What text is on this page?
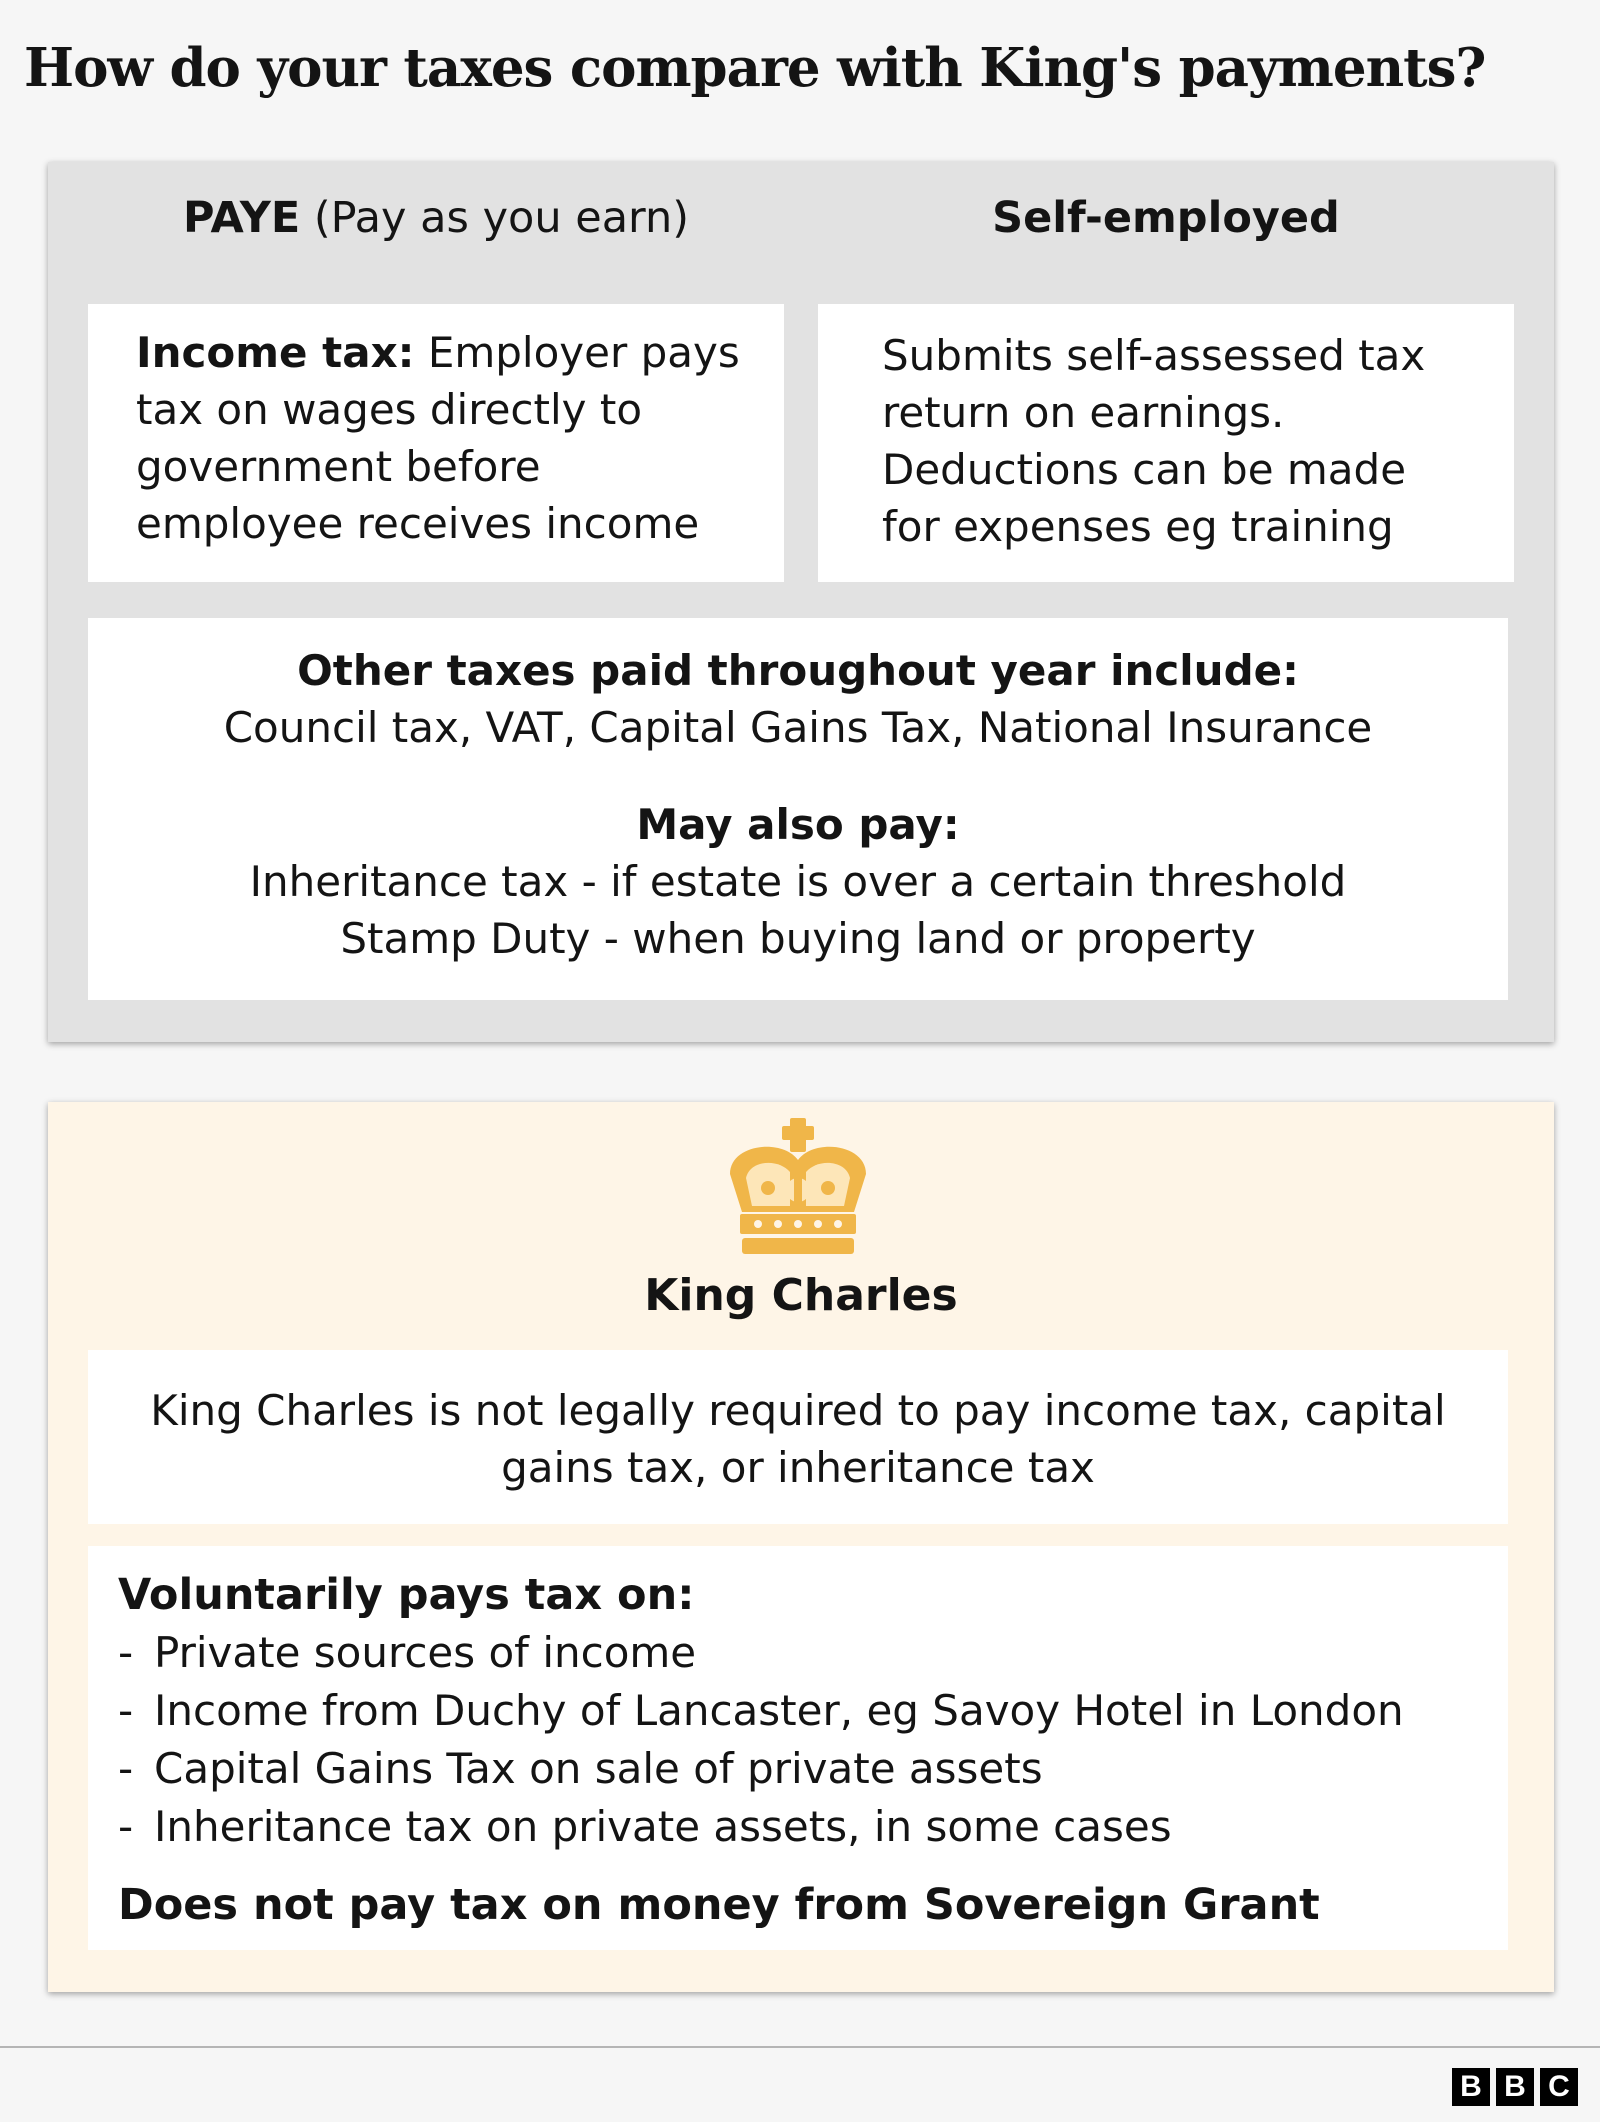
How do your taxes compare with King's payments?
PAYE (Pay as you earn)	Self-employed
Income tax: Employer pays
tax on wages directly to
government before
employee receives income
Submits self-assessed tax
return on earnings.
Deductions can be made
for expenses eg training
Other taxes paid throughout year include:
Council tax, VAT, Capital Gains Tax, National Insurance
May also pay:
Inheritance tax - if estate is over a certain threshold
Stamp Duty - when buying land or property
King Charles
King Charles is not legally required to pay income tax, capital
gains tax, or inheritance tax
Voluntarily pays tax on:
- Private sources of income
- Income from Duchy of Lancaster, eg Savoy Hotel in London
- Capital Gains Tax on sale of private assets
- Inheritance tax on private assets, in some cases
Does not pay tax on money from Sovereign Grant
B B C
